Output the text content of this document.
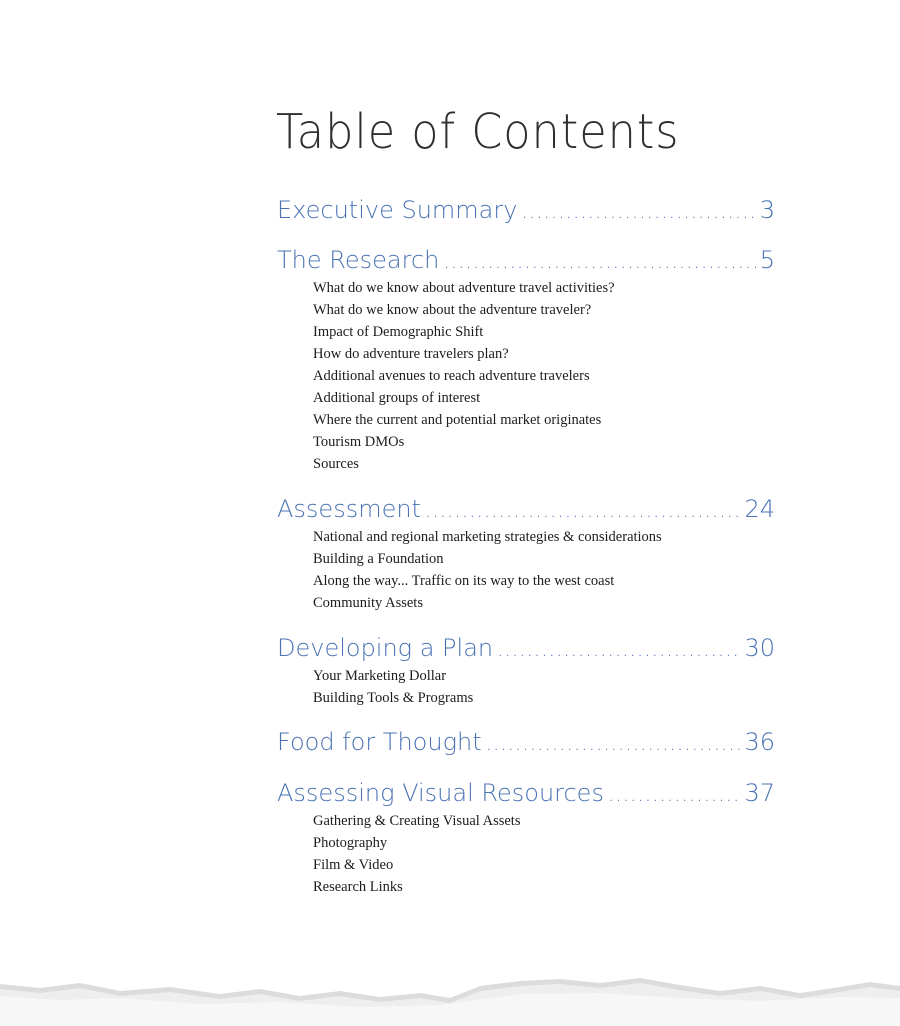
Table of Contents
Executive Summary .....	3
The Research .....	5
What do we know about adventure travel activities?
What do we know about the adventure traveler?
Impact of Demographic Shift
How do adventure travelers plan?
Additional avenues to reach adventure travelers
Additional groups of interest
Where the current and potential market originates
Tourism DMOs
Sources
Assessment .....	24
National and regional marketing strategies & considerations
Building a Foundation
Along the way... Traffic on its way to the west coast
Community Assets
Developing a Plan .....	30
Your Marketing Dollar
Building Tools & Programs
Food for Thought .....	36
Assessing Visual Resources .....	37
Gathering & Creating Visual Assets
Photography
Film & Video
Research Links
